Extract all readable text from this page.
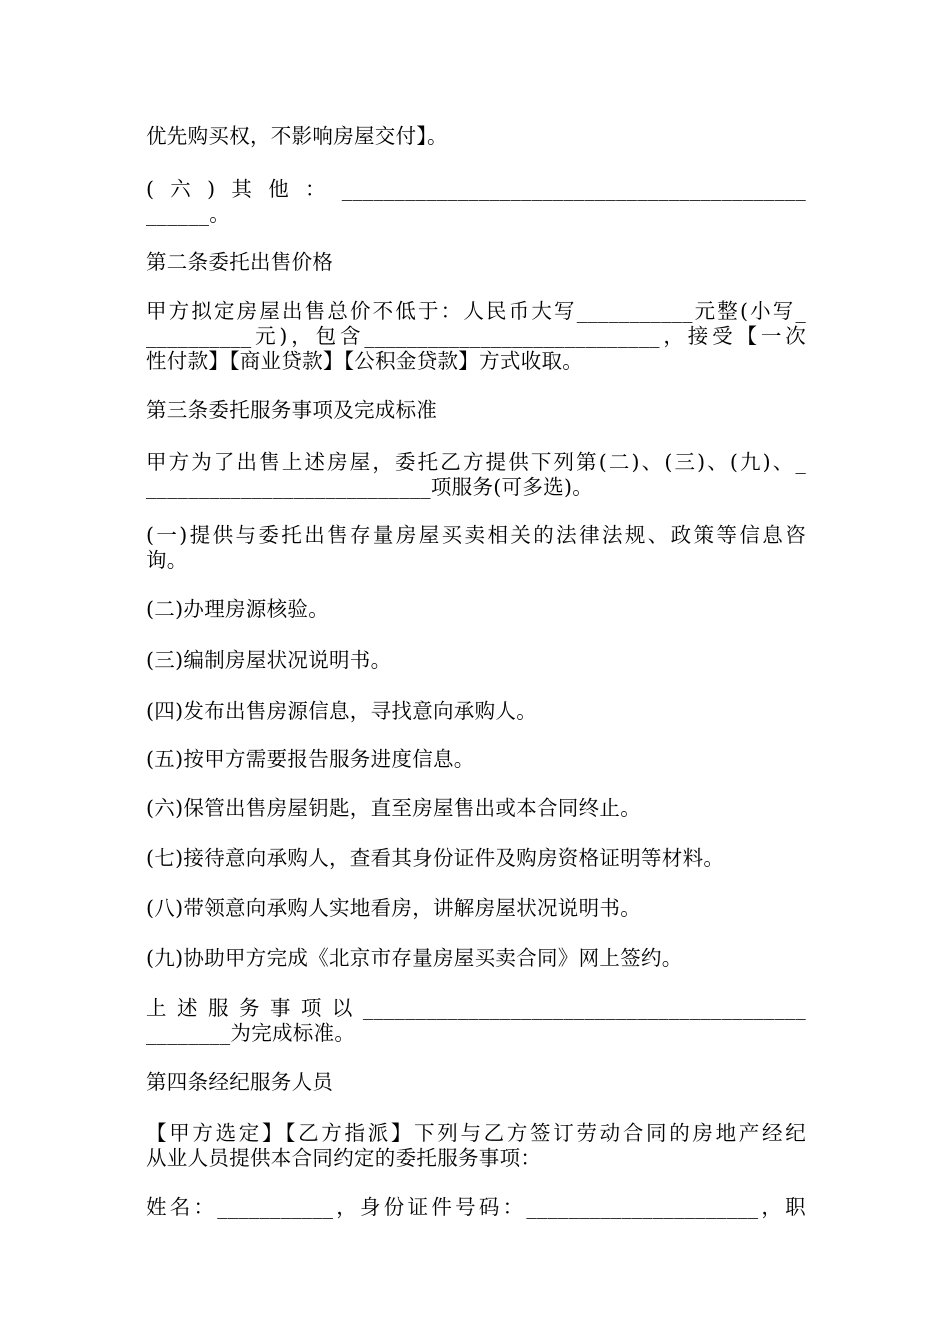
优先购买权，不影响房屋交付】。
(六)其他：____________________________________________
______。
第二条委托出售价格
甲方拟定房屋出售总价不低于：人民币大写___________元整(小写_
__________元)，包含____________________________，接受【一次
性付款】【商业贷款】【公积金贷款】方式收取。
第三条委托服务事项及完成标准
甲方为了出售上述房屋，委托乙方提供下列第(二)、(三)、(九)、_
___________________________项服务(可多选)。
(一)提供与委托出售存量房屋买卖相关的法律法规、政策等信息咨
询。
(二)办理房源核验。
(三)编制房屋状况说明书。
(四)发布出售房源信息，寻找意向承购人。
(五)按甲方需要报告服务进度信息。
(六)保管出售房屋钥匙，直至房屋售出或本合同终止。
(七)接待意向承购人，查看其身份证件及购房资格证明等材料。
(八)带领意向承购人实地看房，讲解房屋状况说明书。
(九)协助甲方完成《北京市存量房屋买卖合同》网上签约。
上述服务事项以__________________________________________
________为完成标准。
第四条经纪服务人员
【甲方选定】【乙方指派】下列与乙方签订劳动合同的房地产经纪
从业人员提供本合同约定的委托服务事项：
姓名：___________，身份证件号码：______________________，职
